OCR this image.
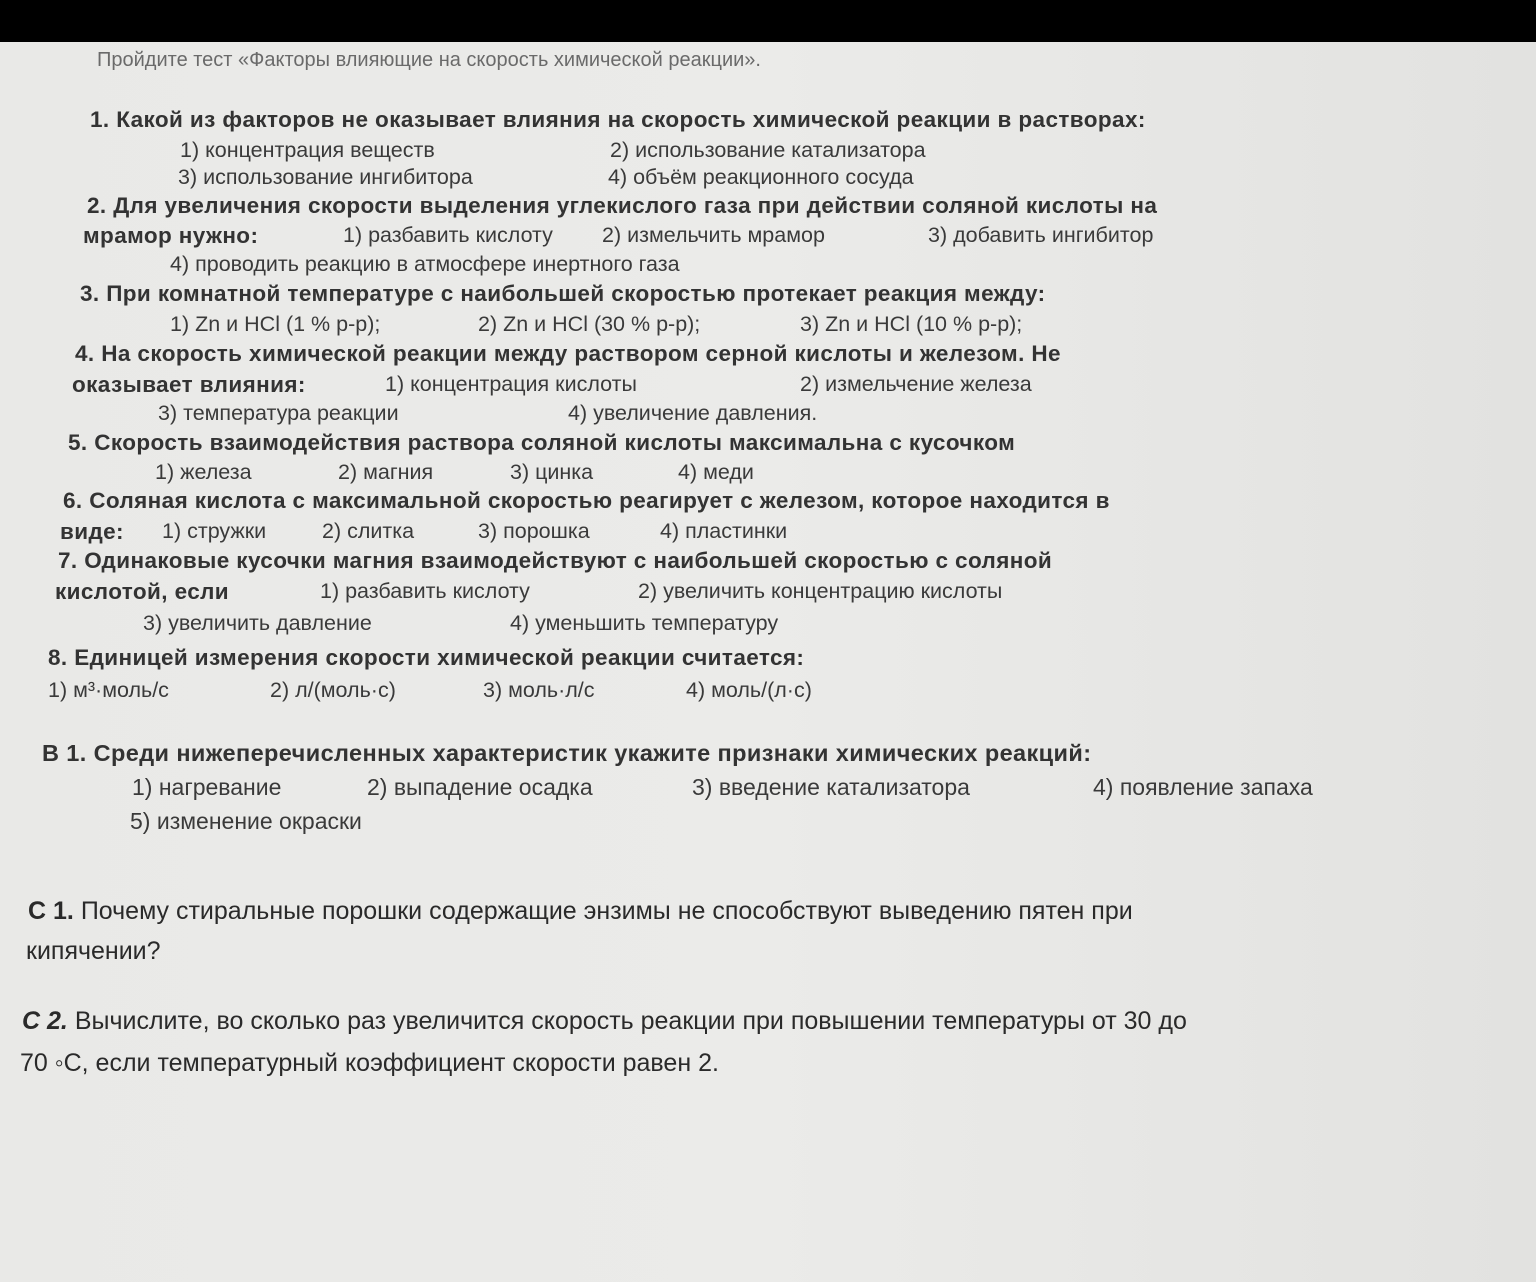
Пройдите тест «Факторы влияющие на скорость химической реакции».
1. Какой из факторов не оказывает влияния на скорость химической реакции в растворах:
1) концентрация веществ	2) использование катализатора
3) использование ингибитора	4) объём реакционного сосуда
2. Для увеличения скорости выделения углекислого газа при действии соляной кислоты на
мрамор нужно:	1) разбавить кислоту 2) измельчить мрамор	3) добавить ингибитор
4) проводить реакцию в атмосфере инертного газа
3. При комнатной температуре с наибольшей скоростью протекает реакция между:
1) Zn и HCl (1 % р-р);	2) Zn и HCl (30 % р-р);	3) Zn и HCl (10 % р-р);
4. На скорость химической реакции между раствором серной кислоты и железом. Не
оказывает влияния:	1) концентрация кислоты	2) измельчение железа
3) температура реакции	4) увеличение давления.
5. Скорость взаимодействия раствора соляной кислоты максимальна с кусочком
1) железа	2) магния	3) цинка	4) меди
6. Соляная кислота с максимальной скоростью реагирует с железом, которое находится в
виде: 1) стружки	2) слитка	3) порошка	4) пластинки
7. Одинаковые кусочки магния взаимодействуют с наибольшей скоростью с соляной
кислотой, если	1) разбавить кислоту	2) увеличить концентрацию кислоты
3) увеличить давление	4) уменьшить температуру
8. Единицей измерения скорости химической реакции считается:
1) м³·моль/с	2) л/(моль·с)	3) моль·л/с	4) моль/(л·с)
В 1. Среди нижеперечисленных характеристик укажите признаки химических реакций:
1) нагревание	2) выпадение осадка	3) введение катализатора	4) появление запаха
5) изменение окраски
С 1. Почему стиральные порошки содержащие энзимы не способствуют выведению пятен при
кипячении?
С 2. Вычислите, во сколько раз увеличится скорость реакции при повышении температуры от 30 до
70 ◦С, если температурный коэффициент скорости равен 2.
